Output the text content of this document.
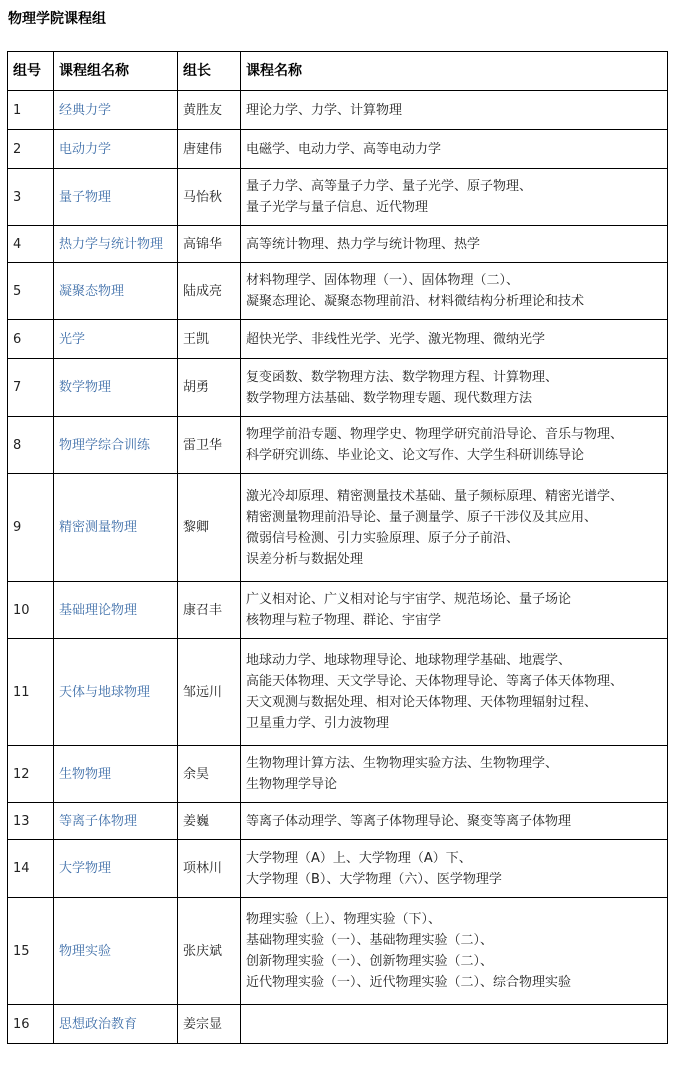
物理学院课程组
组号	课程组名称	组长	课程名称
1	经典力学	黄胜友	理论力学、力学、计算物理

2	电动力学	唐建伟	电磁学、电动力学、高等电动力学

3	量子物理	马怡秋	量子力学、高等量子力学、量子光学、原子物理、
量子光学与量子信息、近代物理

4	热力学与统计物理	高锦华	高等统计物理、热力学与统计物理、热学

5	凝聚态物理	陆成亮	材料物理学、固体物理（一）、固体物理（二）、
凝聚态理论、凝聚态物理前沿、材料微结构分析理论和技术

6	光学	王凯	超快光学、非线性光学、光学、激光物理、微纳光学

7	数学物理	胡勇	复变函数、数学物理方法、数学物理方程、计算物理、
数学物理方法基础、数学物理专题、现代数理方法

8	物理学综合训练	雷卫华	物理学前沿专题、物理学史、物理学研究前沿导论、音乐与物理、
科学研究训练、毕业论文、论文写作、大学生科研训练导论

9	精密测量物理	黎卿	激光冷却原理、精密测量技术基础、量子频标原理、精密光谱学、
精密测量物理前沿导论、量子测量学、原子干涉仪及其应用、
微弱信号检测、引力实验原理、原子分子前沿、
误差分析与数据处理

10	基础理论物理	康召丰	广义相对论、广义相对论与宇宙学、规范场论、量子场论
核物理与粒子物理、群论、宇宙学

11	天体与地球物理	邹远川	地球动力学、地球物理导论、地球物理学基础、地震学、
高能天体物理、天文学导论、天体物理导论、等离子体天体物理、
天文观测与数据处理、相对论天体物理、天体物理辐射过程、
卫星重力学、引力波物理

12	生物物理	余昊	生物物理计算方法、生物物理实验方法、生物物理学、
生物物理学导论

13	等离子体物理	姜巍	等离子体动理学、等离子体物理导论、聚变等离子体物理

14	大学物理	项林川	大学物理（A）上、大学物理（A）下、
大学物理（B）、大学物理（六）、医学物理学

15	物理实验	张庆斌	物理实验（上）、物理实验（下）、
基础物理实验（一）、基础物理实验（二）、
创新物理实验（一）、创新物理实验（二）、
近代物理实验（一）、近代物理实验（二）、综合物理实验

16	思想政治教育	姜宗显	
